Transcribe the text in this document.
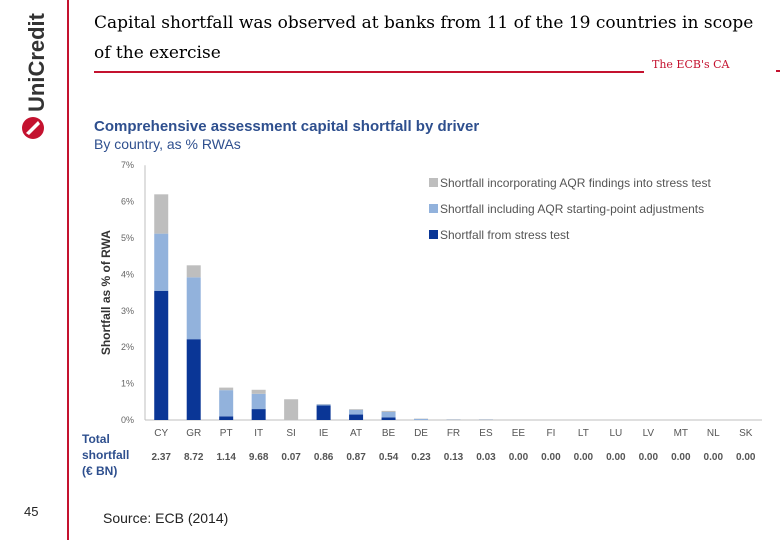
UniCredit
45
Capital shortfall was observed at banks from 11 of the 19 countries in scope of the exercise
The ECB's CA
Comprehensive assessment capital shortfall by driver
By country, as % RWAs
Shortfall as % of RWA
0%
1%
2%
3%
4%
5%
6%
7%
CY
2.37
GR
8.72
PT
1.14
IT
9.68
SI
0.07
IE
0.86
AT
0.87
BE
0.54
DE
0.23
FR
0.13
ES
0.03
EE
0.00
FI
0.00
LT
0.00
LU
0.00
LV
0.00
MT
0.00
NL
0.00
SK
0.00
Total
shortfall
(€ BN)
Shortfall incorporating AQR findings into stress test
Shortfall including AQR starting-point adjustments
Shortfall from stress test
Source: ECB (2014)
